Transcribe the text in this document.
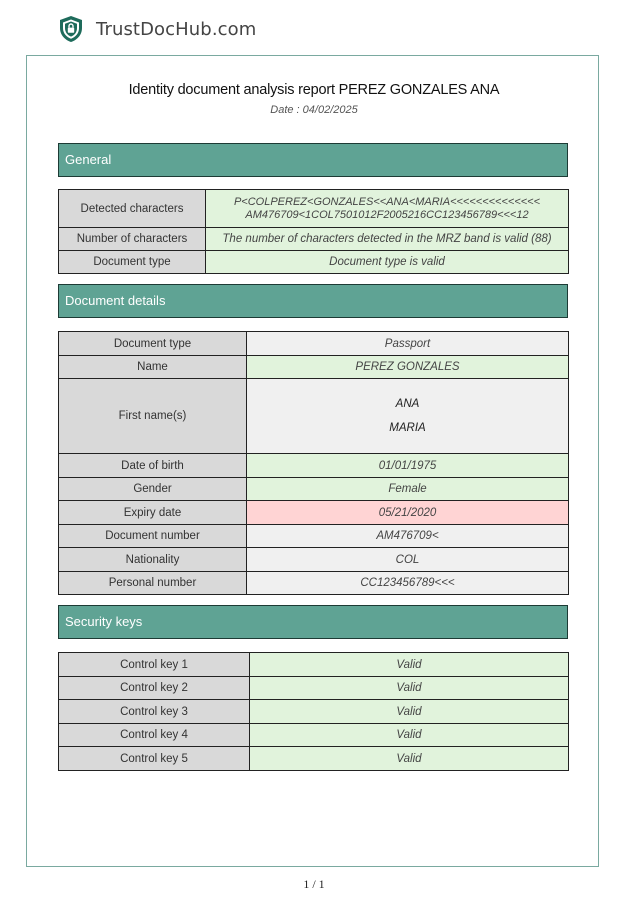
TrustDocHub.com
Identity document analysis report PEREZ GONZALES ANA
Date : 04/02/2025
General
Detected characters	P<COLPEREZ<GONZALES<<ANA<MARIA<<<<<<<<<<<<<<
AM476709<1COL7501012F2005216CC123456789<<<12

Number of characters	The number of characters detected in the MRZ band is valid (88)
Document type	Document type is valid
Document details
Document type	Passport
Name	PEREZ GONZALES
First name(s)	ANA
MARIA

Date of birth	01/01/1975
Gender	Female
Expiry date	05/21/2020
Document number	AM476709<
Nationality	COL
Personal number	CC123456789<<<
Security keys
Control key 1	Valid
Control key 2	Valid
Control key 3	Valid
Control key 4	Valid
Control key 5	Valid
1 / 1
